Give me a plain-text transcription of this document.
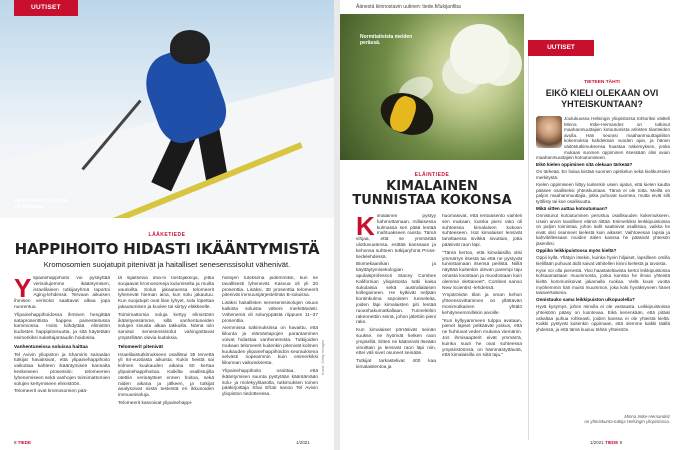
UUTISET
Vanhenemisen vauhtia voi hidastaa.
Kuva: Getty Images
LÄÄKETIEDE
HAPPIHOITO HIDASTI IKÄÄNTYMISTÄ
Kromosomien suojatupit pitenivät ja haitalliset senesenssisolut vähenivät.
Y lipainehappihoito voi pysäyttää verisolujemme ikääntymisen, israelilainen tutkijaryhmä raportoi Aging-lehdessä. Tervaan aikuisen ihmisen verisolut saattavat alkaa jopa nuorentua.

Ylipainehappihoidossa ihminen hengittää sataprosenttista happea painesteitussa kammiossa. Hoito kiihdyttää elimistön kudosten happipitoisuutta, ja sitä käytetään esimerkiksi sukeltajantaudin hoidossa.

Vanhentuneissa soluissa haittaa

Tel Avivin yliopiston ja Shamirin sairaalan tutkijat havaitsivat, että ylipainehappihoito vaikuttaa kahteen ikääntymisen kannalta keskeiseen prosessiin: telomeerien lyhenemiseen sekä vanhojen toimimattomien solujen kertymiseen elimistöön.

Telomeerit ovat kromosomien pää-

tä sijaitsevia dna-ni toistojaksoja, jotka suojaavat kromosomeja kulumiselta ja muilta vaurioilta. Solun jakautuessa telomeerit lyhenevät hieman aina, kun solu jakautuu. Kun suojatupit ovat liian lyhyet, solu lopettaa jakautumisen ja kuolee tai siirtyy eläkkeelle.

Toimimattomia soluja kertyy elimistöön ikääntyessämme, sillä vanhentuneiden solujen sivusta alkaa takkuilla. Nämä niin sanotut senesenssisolut vahingoittavat ympärillään olevia kudoksia.

Telomeerit pitenivät

Israelilaistutkimukseen osallistui 35 tervettä yli 64-vuotiasta aikuista. Kukin heistä sai kolmen kuukauden aikana 60 kertaa ylipainehappihoitoa. Kaikilta osallistujilta otettiin verinäytteet ennen hoitoa, sekä niiden aikana ja jälkeen, ja tutkijat analysoivat niistä testeistä eri ikkunoiden immuunisoluja.

Telomeerit kasvoivat ylipainehappi-

hoitojen tuloksena pidemmiksi, kun ne tavallisesti lyhenevät. Kasvua oli yli 20 prosenttia. Lisäksi, 38 prosenttia telomeerit pitenivät immuunijärjestelmän B-soluissa.

Lisäksi haitallisten senesenssisolujen osuus kaikista soluista väheni merkittävästi. Vähenemä oli soluryppästä riippuen 11–37 prosenttia.

Aiemmissa tutkimuksissa on havaittu, että liikunta ja elämäntapojen parantaminen voivat hidastaa vanhenemista. Tutkijoiden mukaan telomeerit kuitenkin pitenivät kolmen kuukauden ylipainehappihoidon seurauksena selvästi nopeammin kuin esimerkiksi liikunnan vaikutuksesta.

Ylipainehappihoito osoittaa, että ikääntymisen suunta pystytään kääntämään solu- ja molekyylitasolla, tutkimuksen toinen pääkirjoittaja Shai Efrati sanoo Tel Avivin yliopiston tiedotteessa.

8 TIEDE	1/2021
Äänestä kiinnostavin uutinen: tiede.fi/lukijanfiba
Normitaiteista meiden perässä.
ELÄINTIEDE
KIMALAINEN
TUNNISTAA KOKONSA
K imalainen pystyy hahmottamaan, millaisessa kulmassa sen pitää lentää mahtuakseen raosta. Tämä vihjaa, että se ymmärtää ulottuvuutensa, esittää kanssaan ja kehonsa suhteen tutkijaryhmä Pross-tiedelehdessä.

Biomekaanikan ja käyttäytymisekologian apulaisprofessori Stacey Combes Kalifornian yliopistosta tutki kaisa sukulaisia sekä australialaisen kollegoineen. He kytkivät neljään kontinkulma sepoisten tunneleita, joiden läpi kimalaisten piti lentää ruoanhakumatkallaan. Tunneleihin rakennettiin seinä, johon jätettiin pieni rako.

Kun kimalaiset pörräsivät seinän suukse, ne hyörivät hetken raon ympärillä. Sitten ne käänsivät itseään vinoittain ja lensivät raon läpi niin, ettei väli sivet osuneet seinään.

Tutkijat tarkastelivat 400 kaa kimalaislentoa ja

huomasivat, että lentoasento vaihteli sen mukaan, kuinka pieni rako oli suhteessa kimalaisen kokoon suhteeseen. Isot kimalaiset lensivät tarvittaessa sivikkä sivuttain, jotta pääsivät raon läpi.

"Tämä kertoo, että kimalaisilla olisi ymmärrys itsestä tai että ne pystyvät tunnistamaan itsensä peilistä. Niillä näyttää kuitenkin olevan parempi taju omasta koostaan ja muodostaan kuin olemme olettaneet", Combes sanoo New Scientist -lehdessä.

Ympäröivän tilan ja oman kehon yhteensovittaminen on yllättävän monimutkainen yhtälö kehityneemmillekin aivoille.

"Kun kyllyyammeen tulppa avataan, pienet lapset pelkäävät joskus, että ne huhtuvat veden mukana viemäriin. Jos ihmisaapterit eivät ymmärrä, kuinka suuri he ovat suhteessa ympäristöönsä, on hämmästyttävää, että kimalaisilla on siitä taju."

UUTISET
TIETEEN TÄHTI
EIKÖ KIELI OLEKAAN OVI YHTEISKUNTAAN?

Joulukuussa Helsingin yliopistossa tohtoriksi väitteli Minna Intke-Hernandez on tutkinut maahanmuuttajien kotoutumista arkisten tilanteiden avulla. Hän seurasi maahanmuuttajaliiton kokemuksia kahdeksan vuoden ajan, ja hänen väitöstutkimuksensa haastaa näkemyksen, jonka mukaan suomen oppiminen itsessään olisi avain maahanmuuttajien kotoutumiseen.

Eikö kielen oppiminen sitä olekaan tärkeää?

On tärkeää. En halua kiistää suomen opiskelun sekä kielikurssien merkitystä.

Kielen oppimiseen liittyy kuitenkin usein ajatus, että kielen kautta pääsee osalliseksi yhteiskuntaan. Tämä ei ole totta. Meillä on paljon maahanmuuttajia, jotka puhuvat suomea, mutta eivät silti työllisty tai koe osallisuutta.

Mikä sitten auttaa kotoutumaan?

Onnistunut kotoutuminen perustuu osallisuuden kokemukseen. Usein arvon tavallinen elämä riittää. Esimerkiksi lenkkipuistoissa on paljon toimintaa, johon äidit saattoivat osallistua, vaikka he eivät olisi osanneet kielestä kuin aikaset. Vaihtoeesan lapsia ja kahvitellessaan muiden äitien kanssa he pääsivät yhteisön jäseniksi.

Oppiiko leikkipuistossa myös kieltä?

Oppii kyllä. Yllätyin itsekin, kuinka hyvin hiljaiset, lapsilleen omilla kielillään puhuvat äidit saivat vähitellen kiinni kielestä ja tavoista.

Kyse voi olla pienestä. Yksi haastateltavista kertoi leikkipuistossa kohtaamastaan muummosta, jonka kanssa he ilman yhteistä kieltä kommunikoivat jakamalla ruokaa. Vielä kuusi vuotta myöhemmin hän muisti muummon, joka koki hyväksyneen hänet tasavertaisena.

Onnistuuko sama leikkipuiston ulkopuolella?

Hyvä kysymys, johon minulla ei ole vastausta. Leikkipuistoissa yhteisöön pääsy on luontevaa. Eikä kenenkään, että pitäisi uskaltaa puhua rohkeasti, joiden kanssa ei ole yhteistä kieltä. Kaikki pystyvät kuitenkin oppimaan, että olemme kaikki täällä yhdessä, ja että tämä kuuluu tähän yhteisöön.

Minna Intke-Hernandez
on yhteiskunta-tutkija Helsingin yliopistossa.
1/2021 TIEDE 9
